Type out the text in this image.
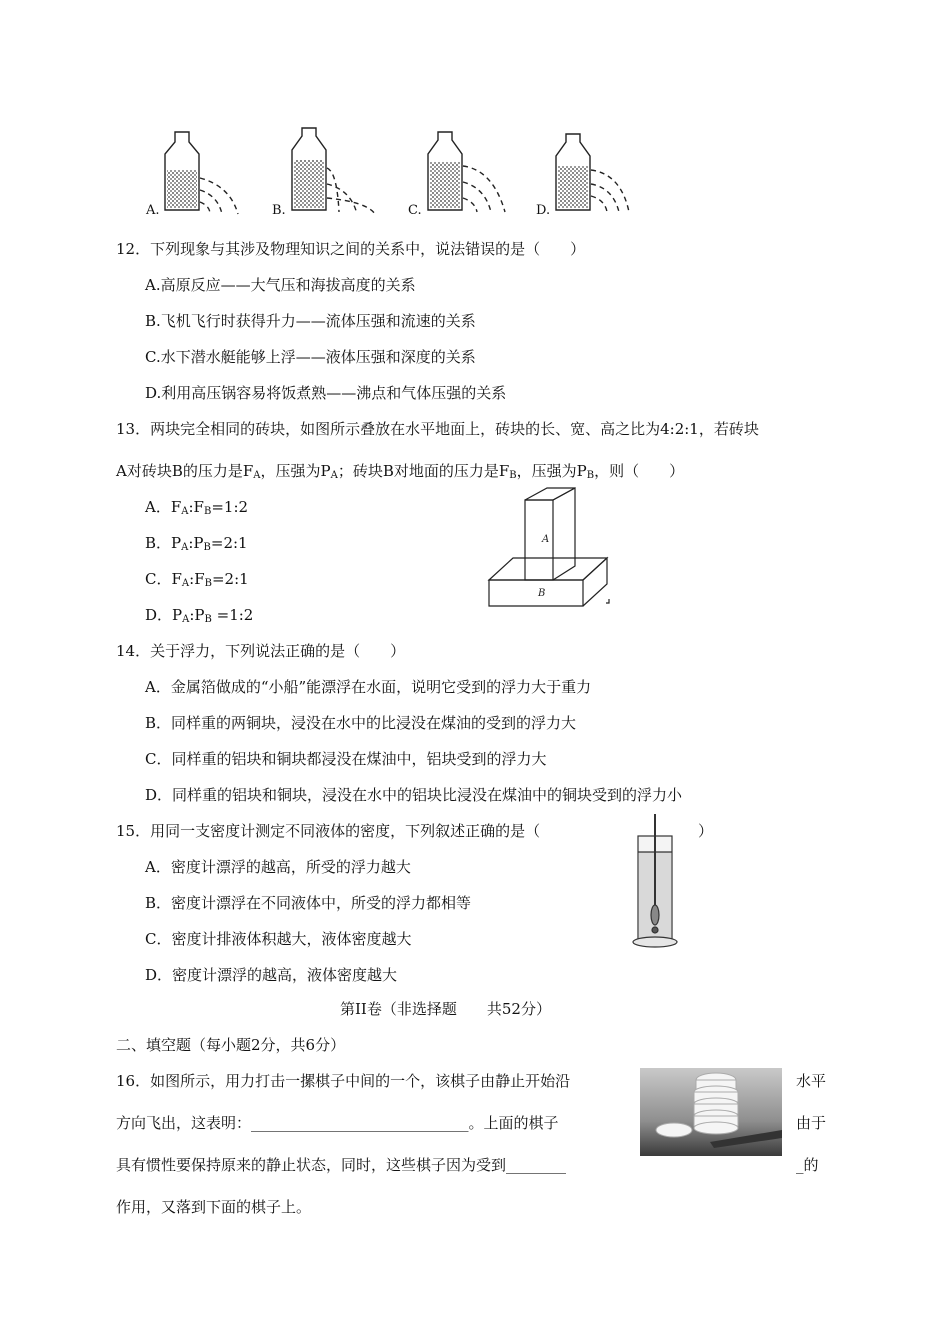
A.	B.	C.	D.
12．下列现象与其涉及物理知识之间的关系中，说法错误的是（　　）
A.高原反应——大气压和海拔高度的关系
B.飞机飞行时获得升力——流体压强和流速的关系
C.水下潜水艇能够上浮——液体压强和深度的关系
D.利用高压锅容易将饭煮熟——沸点和气体压强的关系
13．两块完全相同的砖块，如图所示叠放在水平地面上，砖块的长、宽、高之比为4:2:1，若砖块
A对砖块B的压力是$F_A$，压强为$P_A$；砖块B对地面的压力是$F_B$，压强为$P_B$，则（　　）
A．$F_A:F_B=1:2$
B．$P_A:P_B=2:1$
C．$F_A:F_B=2:1$
D．$P_A:P_B$ =1:2
A
B
14．关于浮力，下列说法正确的是（　　）
A．金属箔做成的“小船”能漂浮在水面，说明它受到的浮力大于重力
B．同样重的两铜块，浸没在水中的比浸没在煤油的受到的浮力大
C．同样重的铝块和铜块都浸没在煤油中，铝块受到的浮力大
D．同样重的铝块和铜块，浸没在水中的铝块比浸没在煤油中的铜块受到的浮力小
15．用同一支密度计测定不同液体的密度，下列叙述正确的是（	）
A．密度计漂浮的越高，所受的浮力越大
B．密度计漂浮在不同液体中，所受的浮力都相等
C．密度计排液体积越大，液体密度越大
D．密度计漂浮的越高，液体密度越大
第II卷（非选择题　　共52分）
二、填空题（每小题2分，共6分）
16．如图所示，用力打击一摞棋子中间的一个，该棋子由静止开始沿	水平
方向飞出，这表明：_____________________________。上面的棋子	由于
具有惯性要保持原来的静止状态，同时，这些棋子因为受到________	_的
作用，又落到下面的棋子上。
